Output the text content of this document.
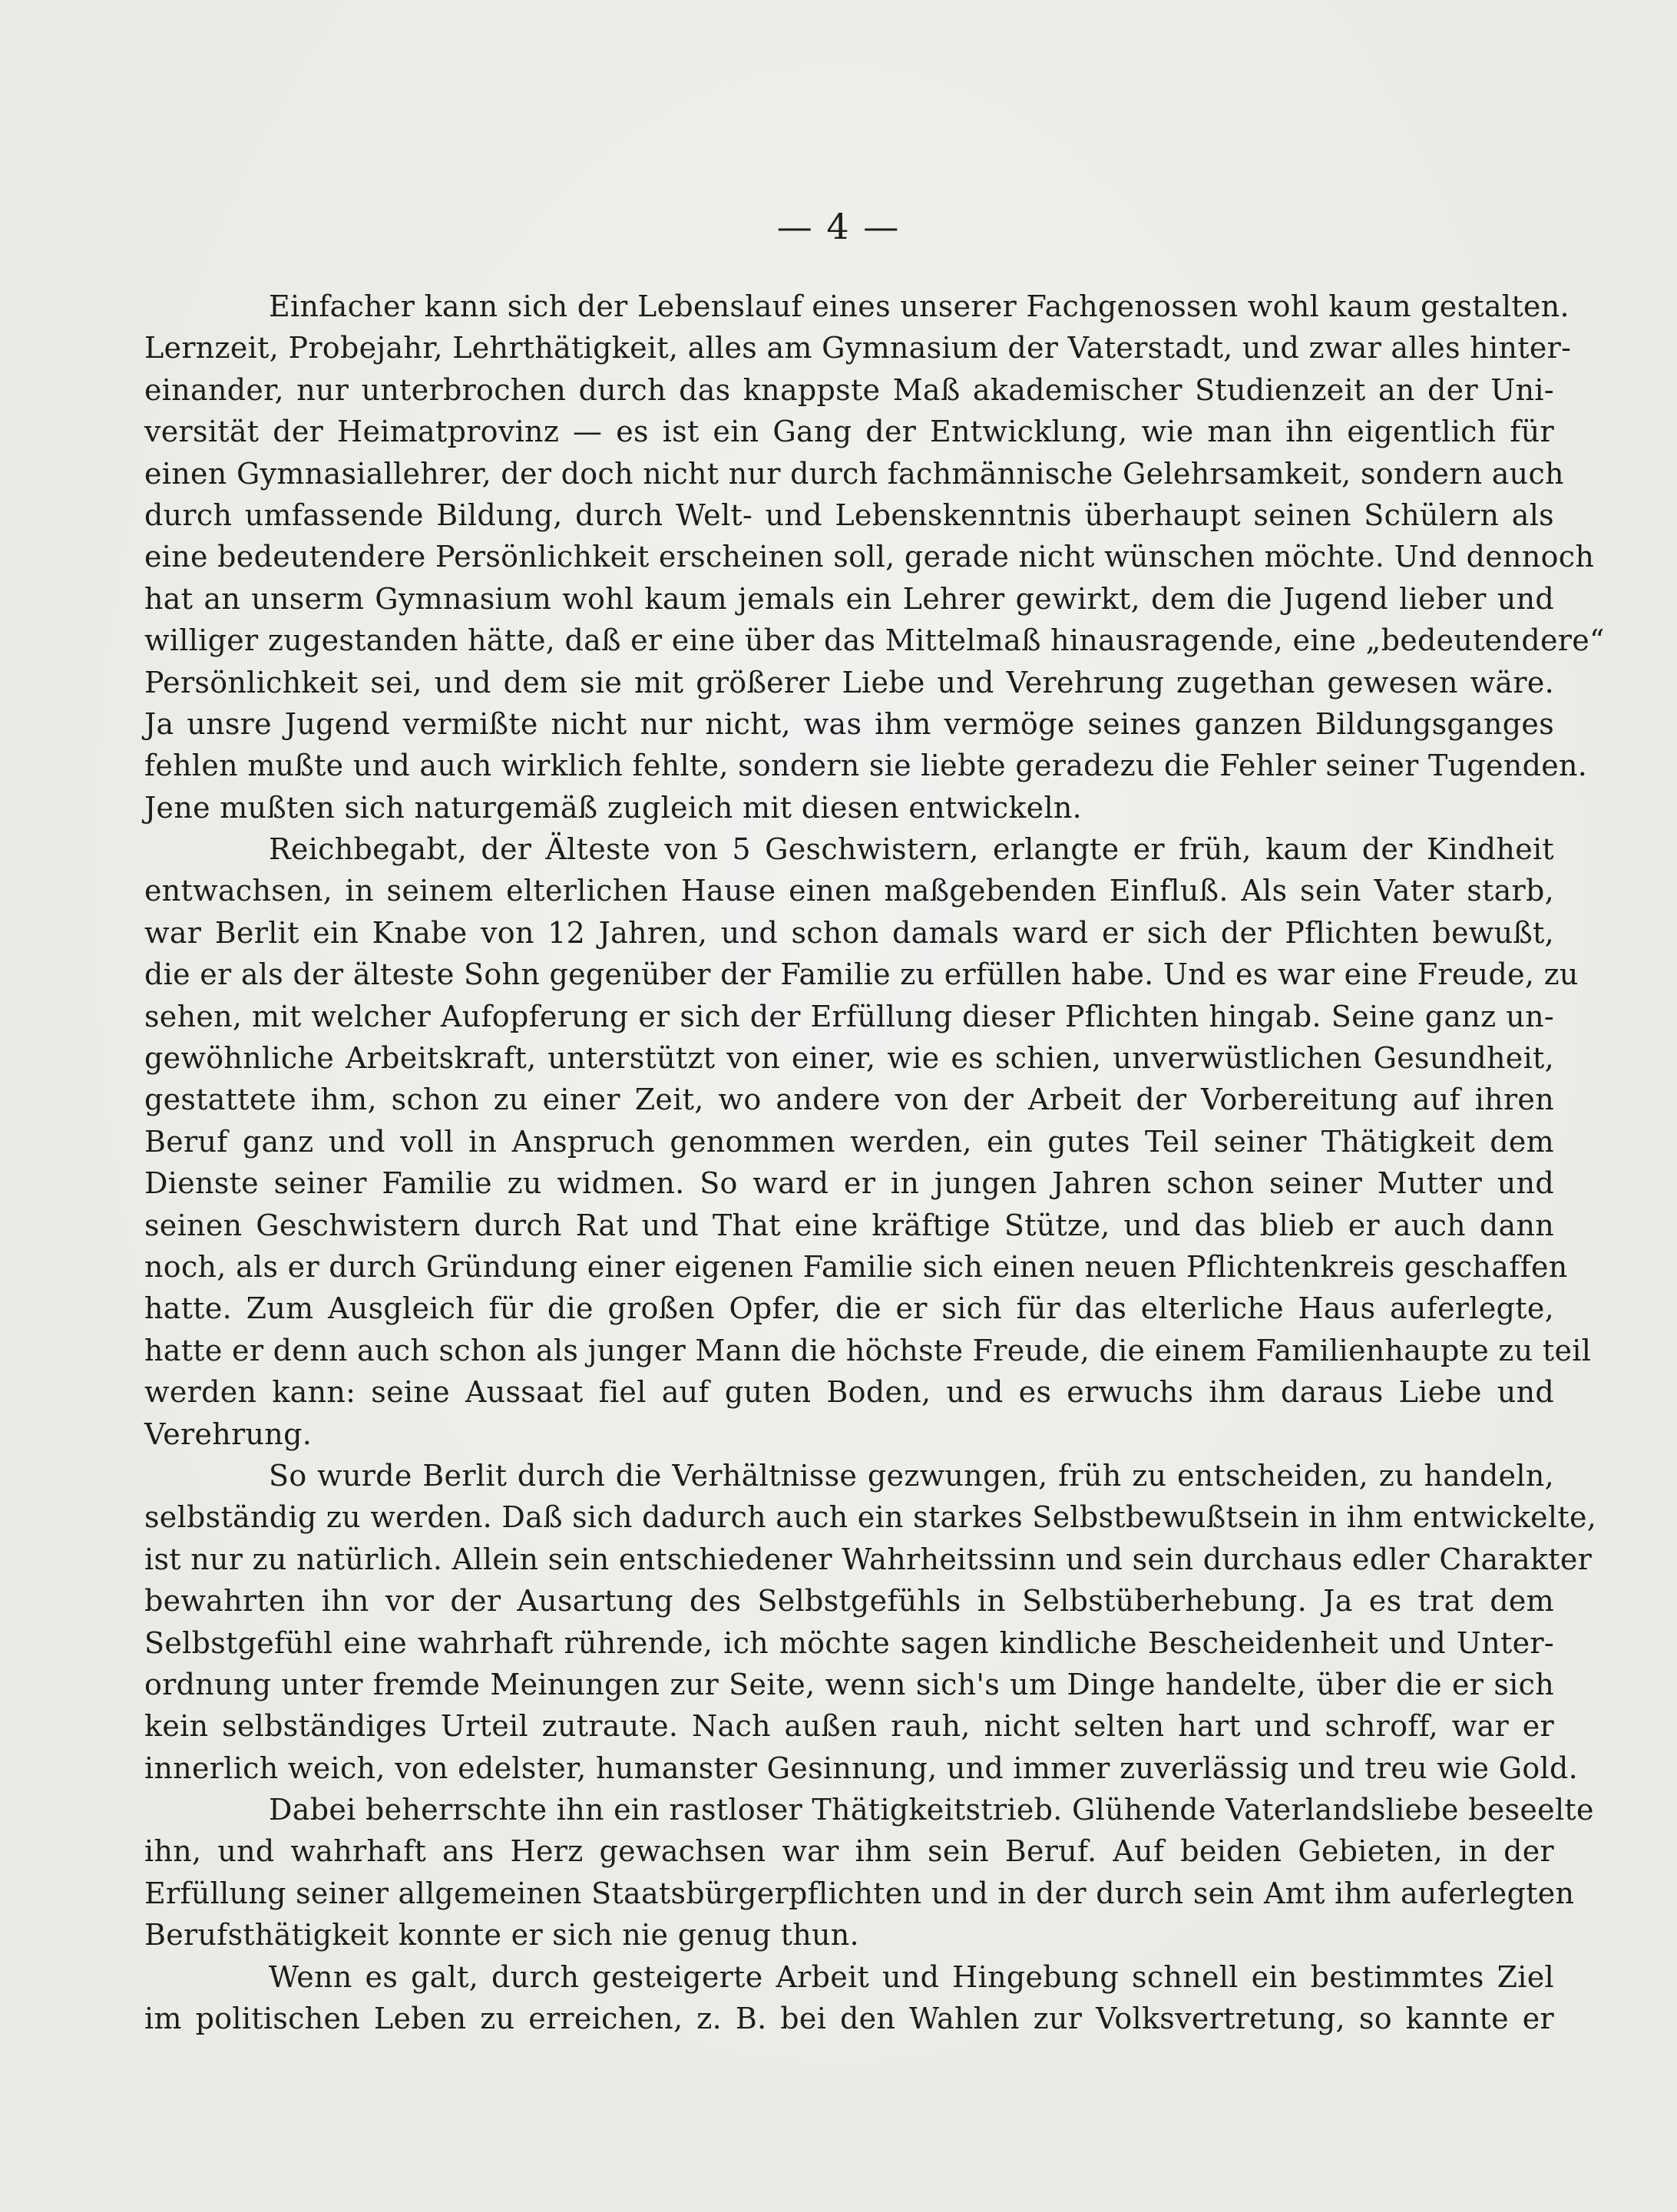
— 4 —
Einfacher kann sich der Lebenslauf eines unserer Fachgenossen wohl kaum gestalten.
Lernzeit, Probejahr, Lehrthätigkeit, alles am Gymnasium der Vaterstadt, und zwar alles hinter-
einander, nur unterbrochen durch das knappste Maß akademischer Studienzeit an der Uni-
versität der Heimatprovinz — es ist ein Gang der Entwicklung, wie man ihn eigentlich für
einen Gymnasiallehrer, der doch nicht nur durch fachmännische Gelehrsamkeit, sondern auch
durch umfassende Bildung, durch Welt- und Lebenskenntnis überhaupt seinen Schülern als
eine bedeutendere Persönlichkeit erscheinen soll, gerade nicht wünschen möchte. Und dennoch
hat an unserm Gymnasium wohl kaum jemals ein Lehrer gewirkt, dem die Jugend lieber und
williger zugestanden hätte, daß er eine über das Mittelmaß hinausragende, eine „bedeutendere“
Persönlichkeit sei, und dem sie mit größerer Liebe und Verehrung zugethan gewesen wäre.
Ja unsre Jugend vermißte nicht nur nicht, was ihm vermöge seines ganzen Bildungsganges
fehlen mußte und auch wirklich fehlte, sondern sie liebte geradezu die Fehler seiner Tugenden.
Jene mußten sich naturgemäß zugleich mit diesen entwickeln.
Reichbegabt, der Älteste von 5 Geschwistern, erlangte er früh, kaum der Kindheit
entwachsen, in seinem elterlichen Hause einen maßgebenden Einfluß. Als sein Vater starb,
war Berlit ein Knabe von 12 Jahren, und schon damals ward er sich der Pflichten bewußt,
die er als der älteste Sohn gegenüber der Familie zu erfüllen habe. Und es war eine Freude, zu
sehen, mit welcher Aufopferung er sich der Erfüllung dieser Pflichten hingab. Seine ganz un-
gewöhnliche Arbeitskraft, unterstützt von einer, wie es schien, unverwüstlichen Gesundheit,
gestattete ihm, schon zu einer Zeit, wo andere von der Arbeit der Vorbereitung auf ihren
Beruf ganz und voll in Anspruch genommen werden, ein gutes Teil seiner Thätigkeit dem
Dienste seiner Familie zu widmen. So ward er in jungen Jahren schon seiner Mutter und
seinen Geschwistern durch Rat und That eine kräftige Stütze, und das blieb er auch dann
noch, als er durch Gründung einer eigenen Familie sich einen neuen Pflichtenkreis geschaffen
hatte. Zum Ausgleich für die großen Opfer, die er sich für das elterliche Haus auferlegte,
hatte er denn auch schon als junger Mann die höchste Freude, die einem Familienhaupte zu teil
werden kann: seine Aussaat fiel auf guten Boden, und es erwuchs ihm daraus Liebe und
Verehrung.
So wurde Berlit durch die Verhältnisse gezwungen, früh zu entscheiden, zu handeln,
selbständig zu werden. Daß sich dadurch auch ein starkes Selbstbewußtsein in ihm entwickelte,
ist nur zu natürlich. Allein sein entschiedener Wahrheitssinn und sein durchaus edler Charakter
bewahrten ihn vor der Ausartung des Selbstgefühls in Selbstüberhebung. Ja es trat dem
Selbstgefühl eine wahrhaft rührende, ich möchte sagen kindliche Bescheidenheit und Unter-
ordnung unter fremde Meinungen zur Seite, wenn sich's um Dinge handelte, über die er sich
kein selbständiges Urteil zutraute. Nach außen rauh, nicht selten hart und schroff, war er
innerlich weich, von edelster, humanster Gesinnung, und immer zuverlässig und treu wie Gold.
Dabei beherrschte ihn ein rastloser Thätigkeitstrieb. Glühende Vaterlandsliebe beseelte
ihn, und wahrhaft ans Herz gewachsen war ihm sein Beruf. Auf beiden Gebieten, in der
Erfüllung seiner allgemeinen Staatsbürgerpflichten und in der durch sein Amt ihm auferlegten
Berufsthätigkeit konnte er sich nie genug thun.
Wenn es galt, durch gesteigerte Arbeit und Hingebung schnell ein bestimmtes Ziel
im politischen Leben zu erreichen, z. B. bei den Wahlen zur Volksvertretung, so kannte er
